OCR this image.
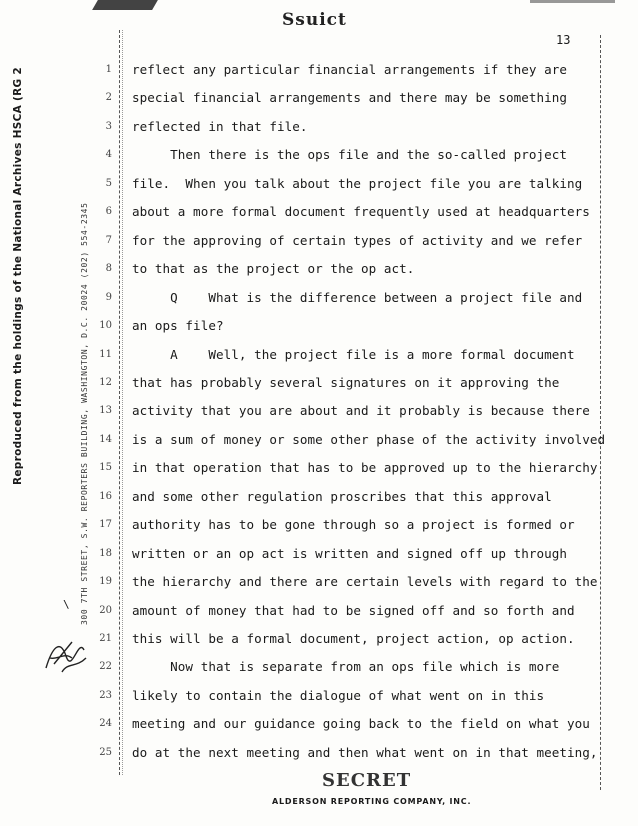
Ssuict
13
Reproduced from the holdings of the National Archives HSCA (RG 2	300 7TH STREET, S.W. REPORTERS BUILDING, WASHINGTON, D.C. 20024 (202) 554-2345
1 reflect any particular financial arrangements if they are
2 special financial arrangements and there may be something
3 reflected in that file.
4 Then there is the ops file and the so-called project
5 file.  When you talk about the project file you are talking
6 about a more formal document frequently used at headquarters
7 for the approving of certain types of activity and we refer
8 to that as the project or the op act.
9 Q    What is the difference between a project file and
10 an ops file?
11 A    Well, the project file is a more formal document
12 that has probably several signatures on it approving the
13 activity that you are about and it probably is because there
14 is a sum of money or some other phase of the activity involved
15 in that operation that has to be approved up to the hierarchy
16 and some other regulation proscribes that this approval
17 authority has to be gone through so a project is formed or
18 written or an op act is written and signed off up through
19 the hierarchy and there are certain levels with regard to the
20 amount of money that had to be signed off and so forth and
21 this will be a formal document, project action, op action.
22 Now that is separate from an ops file which is more
23 likely to contain the dialogue of what went on in this
24 meeting and our guidance going back to the field on what you
25 do at the next meeting and then what went on in that meeting,
\
SECRET
ALDERSON REPORTING COMPANY, INC.
